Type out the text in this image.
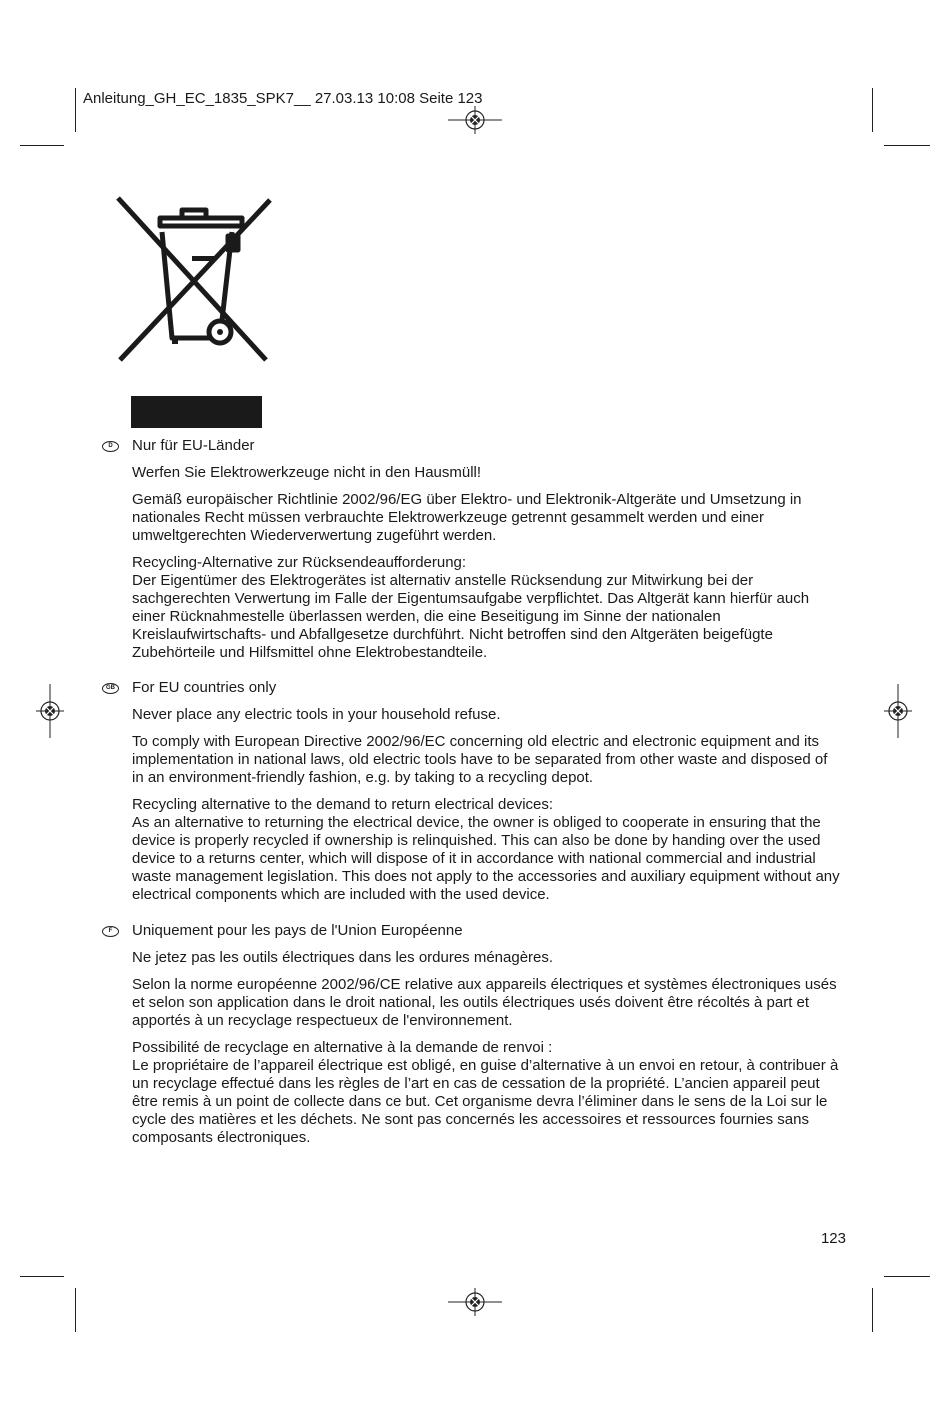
Anleitung_GH_EC_1835_SPK7__ 27.03.13 10:08 Seite 123
D	Nur für EU-Länder

Werfen Sie Elektrowerkzeuge nicht in den Hausmüll!

Gemäß europäischer Richtlinie 2002/96/EG über Elektro- und Elektronik-Altgeräte und Umsetzung in nationales Recht müssen verbrauchte Elektrowerkzeuge getrennt gesammelt werden und einer umweltgerechten Wiederverwertung zugeführt werden.

Recycling-Alternative zur Rücksendeaufforderung:

Der Eigentümer des Elektrogerätes ist alternativ anstelle Rücksendung zur Mitwirkung bei der sachgerechten Verwertung im Falle der Eigentumsaufgabe verpflichtet. Das Altgerät kann hierfür auch einer Rücknahmestelle überlassen werden, die eine Beseitigung im Sinne der nationalen Kreislaufwirtschafts- und Abfallgesetze durchführt. Nicht betroffen sind den Altgeräten beigefügte Zubehörteile und Hilfsmittel ohne Elektrobestandteile.

GB For EU countries only

Never place any electric tools in your household refuse.

To comply with European Directive 2002/96/EC concerning old electric and electronic equipment and its implementation in national laws, old electric tools have to be separated from other waste and disposed of in an environment-friendly fashion, e.g. by taking to a recycling depot.

Recycling alternative to the demand to return electrical devices:

As an alternative to returning the electrical device, the owner is obliged to cooperate in ensuring that the device is properly recycled if ownership is relinquished. This can also be done by handing over the used device to a returns center, which will dispose of it in accordance with national commercial and industrial waste management legislation. This does not apply to the accessories and auxiliary equipment without any electrical components which are included with the used device.

F	Uniquement pour les pays de l'Union Européenne

Ne jetez pas les outils électriques dans les ordures ménagères.

Selon la norme européenne 2002/96/CE relative aux appareils électriques et systèmes électroniques usés et selon son application dans le droit national, les outils électriques usés doivent être récoltés à part et apportés à un recyclage respectueux de l'environnement.

Possibilité de recyclage en alternative à la demande de renvoi :

Le propriétaire de l’appareil électrique est obligé, en guise d’alternative à un envoi en retour, à contribuer à un recyclage effectué dans les règles de l’art en cas de cessation de la propriété. L’ancien appareil peut être remis à un point de collecte dans ce but. Cet organisme devra l’éliminer dans le sens de la Loi sur le cycle des matières et les déchets. Ne sont pas concernés les accessoires et ressources fournies sans composants électroniques.

123
